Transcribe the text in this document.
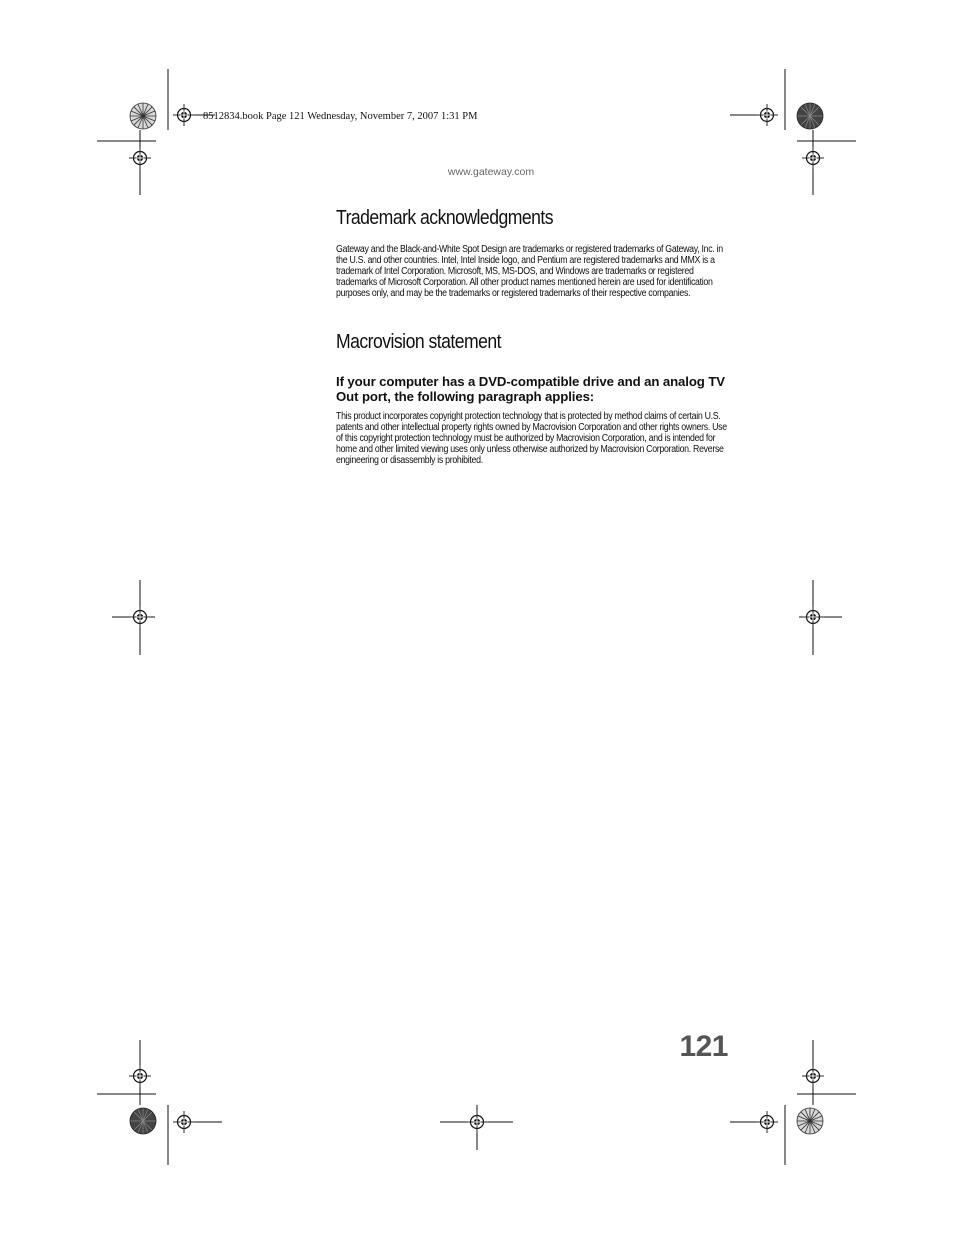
8512834.book Page 121 Wednesday, November 7, 2007 1:31 PM
www.gateway.com
Trademark acknowledgments

Gateway and the Black-and-White Spot Design are trademarks or registered trademarks of Gateway, Inc. in the U.S. and other countries. Intel, Intel Inside logo, and Pentium are registered trademarks and MMX is a trademark of Intel Corporation. Microsoft, MS, MS-DOS, and Windows are trademarks or registered trademarks of Microsoft Corporation. All other product names mentioned herein are used for identification purposes only, and may be the trademarks or registered trademarks of their respective companies.

Macrovision statement

If your computer has a DVD-compatible drive and an analog TV Out port, the following paragraph applies:

This product incorporates copyright protection technology that is protected by method claims of certain U.S. patents and other intellectual property rights owned by Macrovision Corporation and other rights owners. Use of this copyright protection technology must be authorized by Macrovision Corporation, and is intended for home and other limited viewing uses only unless otherwise authorized by Macrovision Corporation. Reverse engineering or disassembly is prohibited.

121
